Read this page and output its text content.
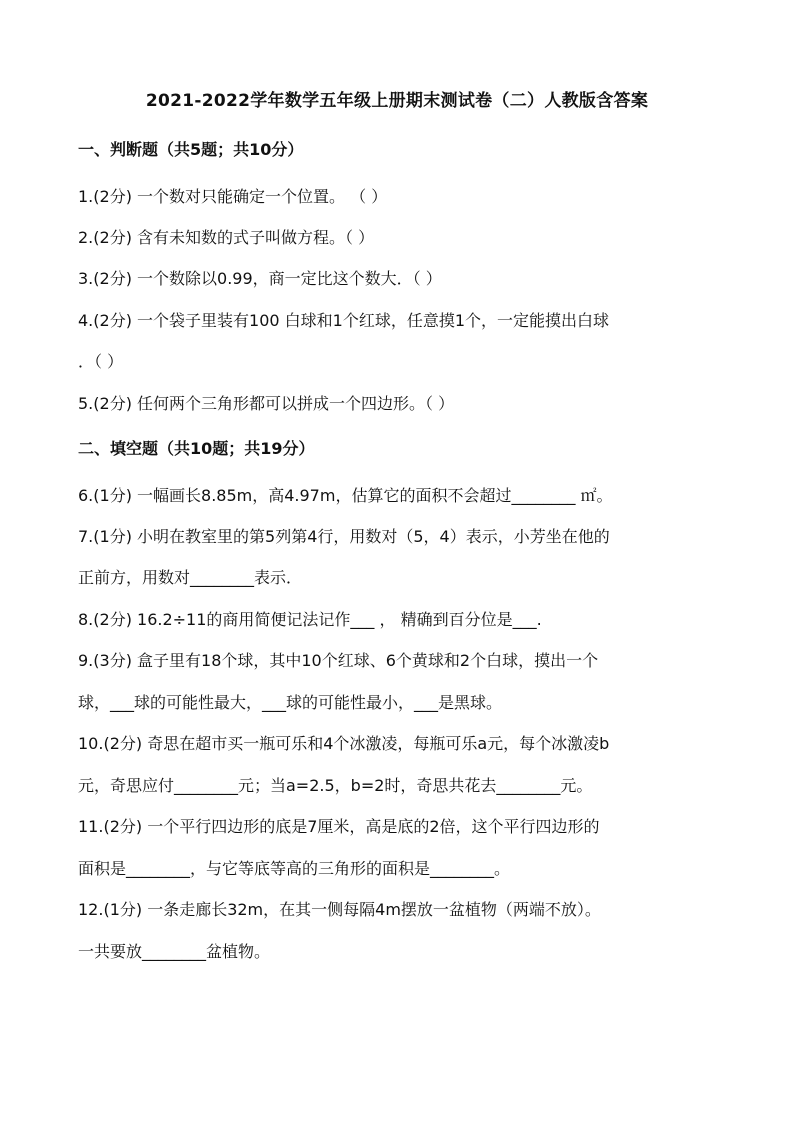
2021-2022学年数学五年级上册期末测试卷（二）人教版含答案
一、判断题（共5题；共10分）
1.(2分) 一个数对只能确定一个位置。 （ ）
2.(2分) 含有未知数的式子叫做方程。（ ）
3.(2分) 一个数除以0.99，商一定比这个数大．（ ）
4.(2分) 一个袋子里装有100 白球和1个红球，任意摸1个，一定能摸出白球
．（ ）
5.(2分) 任何两个三角形都可以拼成一个四边形。（ ）
二、填空题（共10题；共19分）
6.(1分) 一幅画长8.85m，高4.97m，估算它的面积不会超过________ ㎡。
7.(1分) 小明在教室里的第5列第4行，用数对（5，4）表示，小芳坐在他的
正前方，用数对________表示．
8.(2分) 16.2÷11的商用简便记法记作___ ， 精确到百分位是___.
9.(3分) 盒子里有18个球，其中10个红球、6个黄球和2个白球，摸出一个
球，___球的可能性最大，___球的可能性最小，___是黑球。
10.(2分) 奇思在超市买一瓶可乐和4个冰激凌，每瓶可乐a元，每个冰激凌b
元，奇思应付________元；当a=2.5，b=2时，奇思共花去________元。
11.(2分) 一个平行四边形的底是7厘米，高是底的2倍，这个平行四边形的
面积是________，与它等底等高的三角形的面积是________。
12.(1分) 一条走廊长32m，在其一侧每隔4m摆放一盆植物（两端不放）。
一共要放________盆植物。
